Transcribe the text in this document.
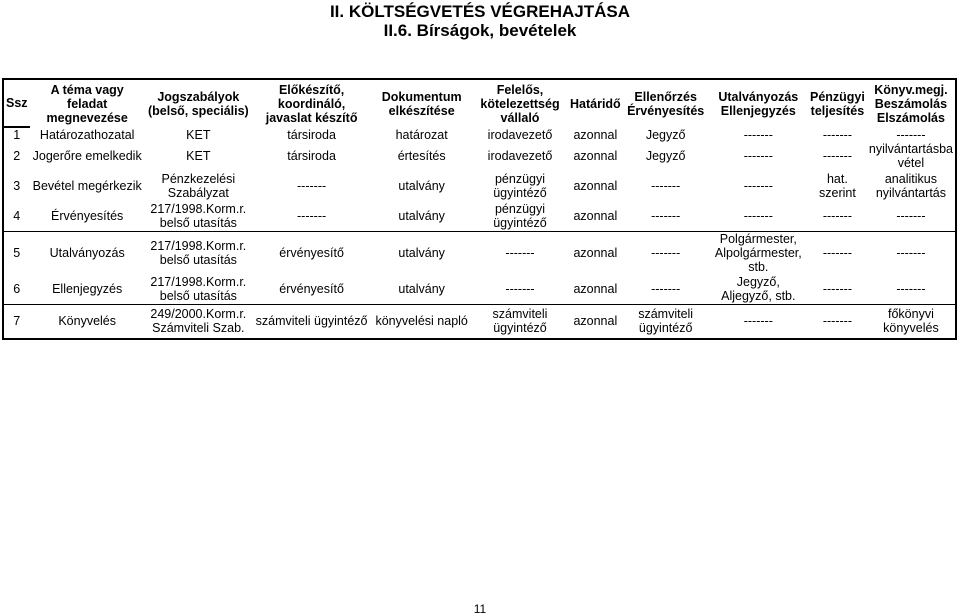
II. KÖLTSÉGVETÉS VÉGREHAJTÁSA
II.6. Bírságok, bevételek
Ssz	A téma vagy feladat megnevezése	Jogszabályok (belső, speciális)	Előkészítő, koordináló, javaslat készítő	Dokumentum elkészítése	Felelős, kötelezettség vállaló	Határidő	Ellenőrzés Érvényesítés	Utalványozás Ellenjegyzés	Pénzügyi teljesítés	Könyv.megj. Beszámolás Elszámolás
1	Határozathozatal	KET	társiroda	határozat	irodavezető	azonnal	Jegyző	-------	-------	-------
2	Jogerőre emelkedik	KET	társiroda	értesítés	irodavezető	azonnal	Jegyző	-------	-------	nyilvántartásba vétel
3	Bevétel megérkezik	Pénzkezelési Szabályzat	-------	utalvány	pénzügyi ügyintéző	azonnal	-------	-------	hat. szerint	analitikus nyilvántartás
4	Érvényesítés	217/1998.Korm.r. belső utasítás	-------	utalvány	pénzügyi ügyintéző	azonnal	-------	-------	-------	-------
5	Utalványozás	217/1998.Korm.r. belső utasítás	érvényesítő	utalvány	-------	azonnal	-------	Polgármester, Alpolgármester, stb.	-------	-------
6	Ellenjegyzés	217/1998.Korm.r. belső utasítás	érvényesítő	utalvány	-------	azonnal	-------	Jegyző, Aljegyző, stb.	-------	-------
7	Könyvelés	249/2000.Korm.r. Számviteli Szab.	számviteli ügyintéző	könyvelési napló	számviteli ügyintéző	azonnal	számviteli ügyintéző	-------	-------	főkönyvi könyvelés
11
